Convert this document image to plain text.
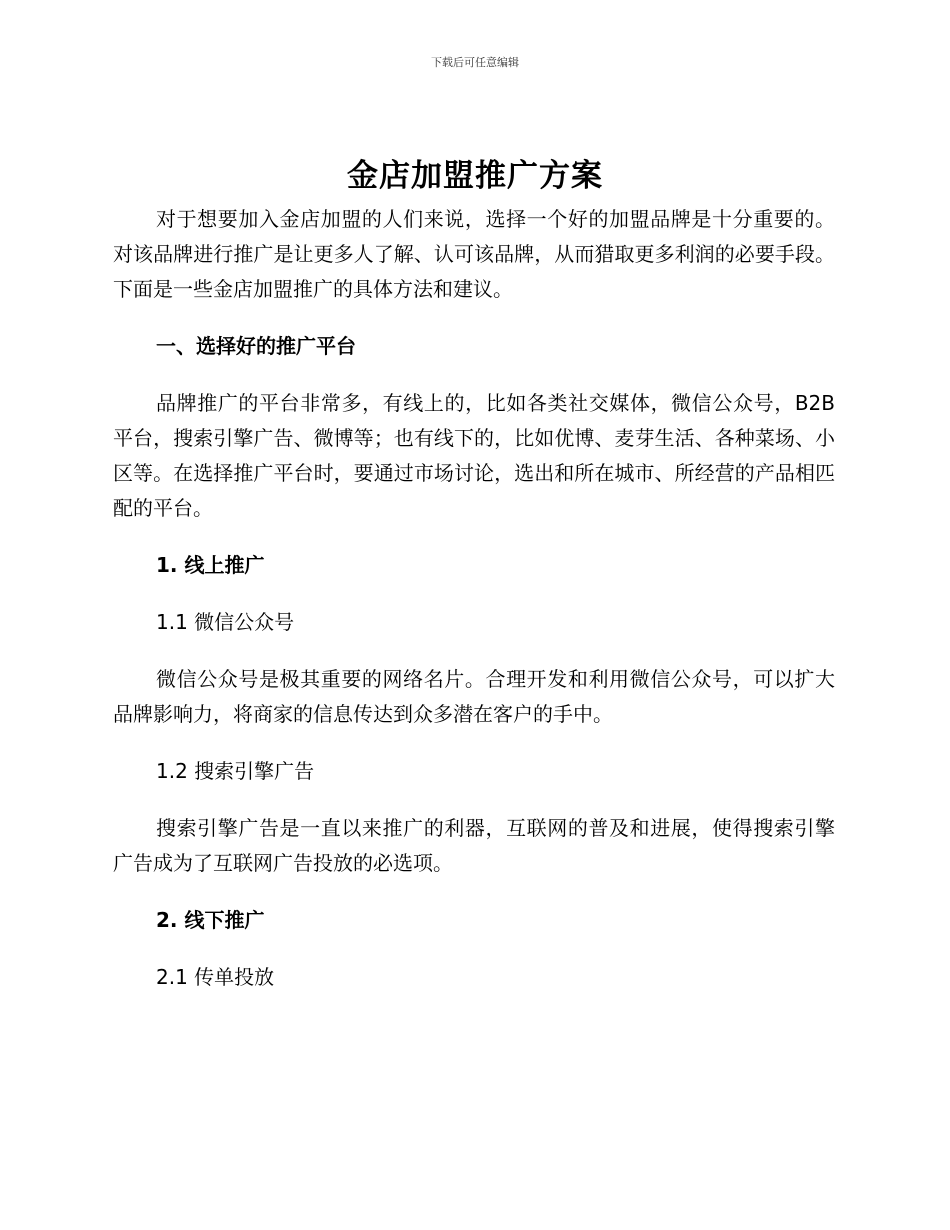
下载后可任意编辑
金店加盟推广方案

对于想要加入金店加盟的人们来说，选择一个好的加盟品牌是十分重要的。对该品牌进行推广是让更多人了解、认可该品牌，从而猎取更多利润的必要手段。下面是一些金店加盟推广的具体方法和建议。

一、选择好的推广平台

品牌推广的平台非常多，有线上的，比如各类社交媒体，微信公众号，B2B 平台，搜索引擎广告、微博等；也有线下的，比如优博、麦芽生活、各种菜场、小区等。在选择推广平台时，要通过市场讨论，选出和所在城市、所经营的产品相匹配的平台。

1. 线上推广

1.1 微信公众号

微信公众号是极其重要的网络名片。合理开发和利用微信公众号，可以扩大品牌影响力，将商家的信息传达到众多潜在客户的手中。

1.2 搜索引擎广告

搜索引擎广告是一直以来推广的利器，互联网的普及和进展，使得搜索引擎广告成为了互联网广告投放的必选项。

2. 线下推广

2.1 传单投放
